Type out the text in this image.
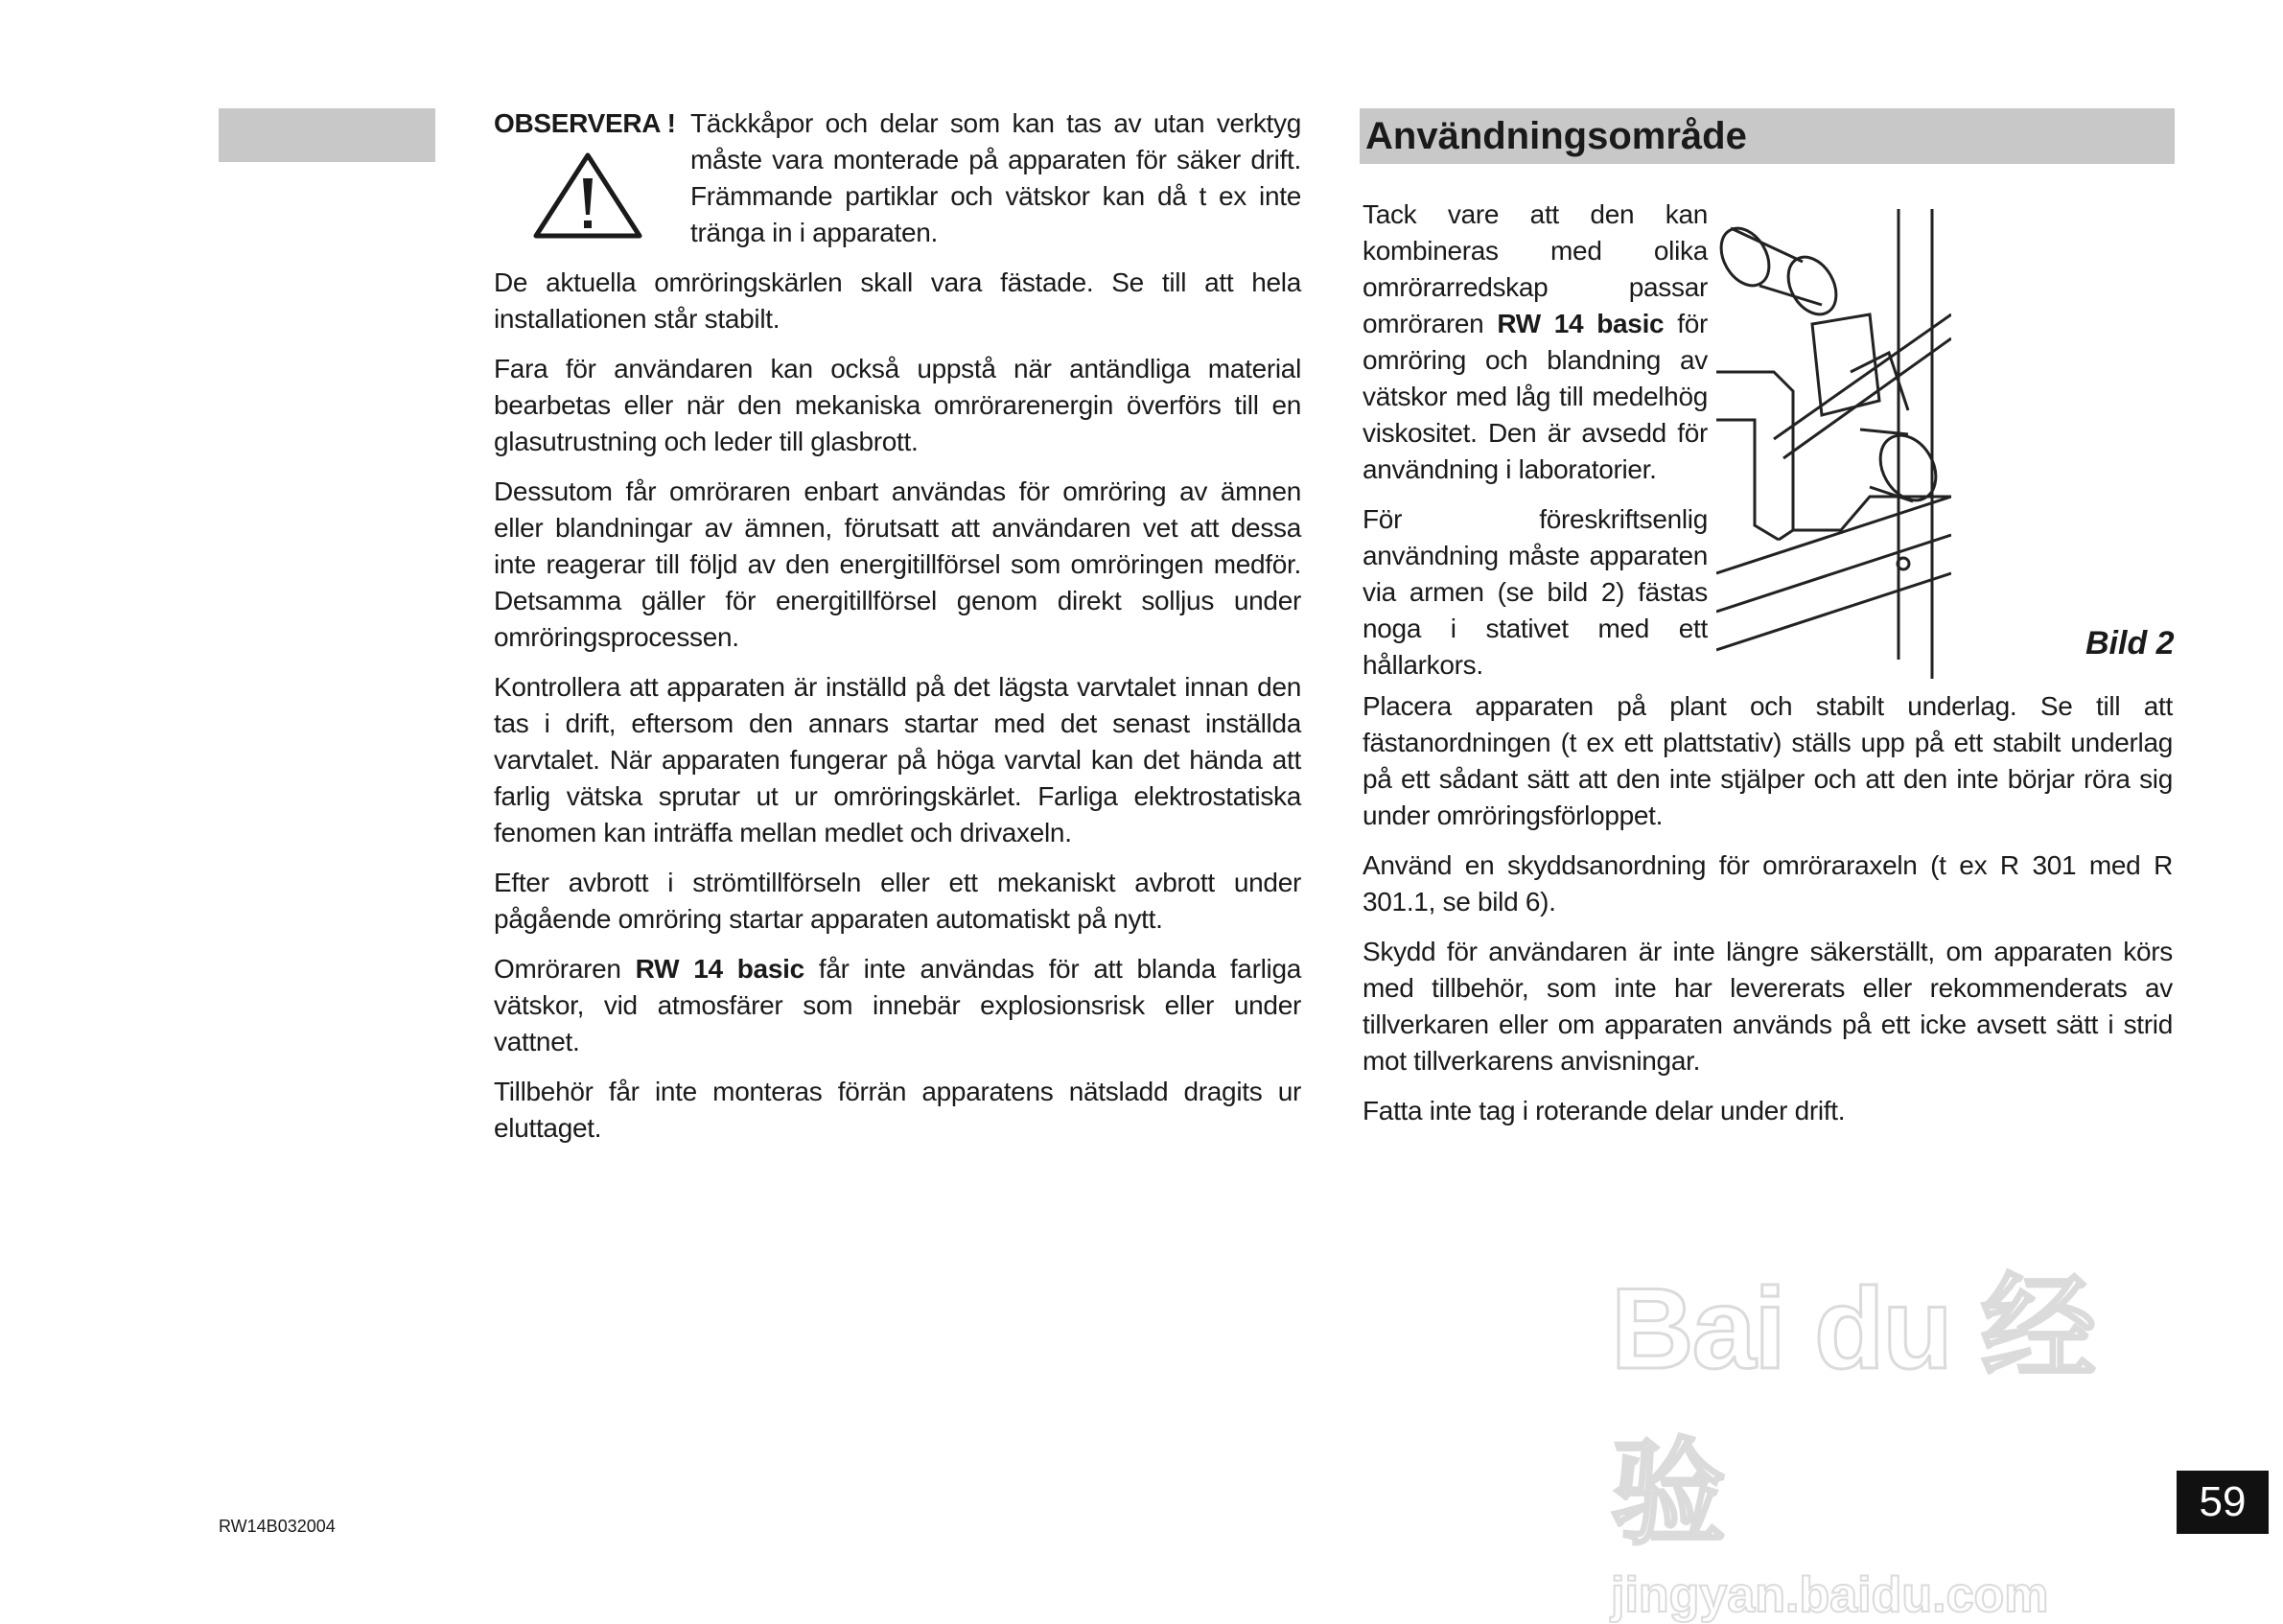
OBSERVERA ! Täckkåpor och delar som kan tas av utan verktyg måste vara monterade på apparaten för säker drift. Främmande partiklar och vätskor kan då t ex inte tränga in i apparaten.

De aktuella omröringskärlen skall vara fästade. Se till att hela installationen står stabilt.

Fara för användaren kan också uppstå när antändliga material bearbetas eller när den mekaniska omrörarenergin överförs till en glasutrustning och leder till glasbrott.

Dessutom får omröraren enbart användas för omröring av ämnen eller blandningar av ämnen, förutsatt att användaren vet att dessa inte reagerar till följd av den energitillförsel som omröringen medför. Detsamma gäller för energitillförsel genom direkt solljus under omröringsprocessen.

Kontrollera att apparaten är inställd på det lägsta varvtalet innan den tas i drift, eftersom den annars startar med det senast inställda varvtalet. När apparaten fungerar på höga varvtal kan det hända att farlig vätska sprutar ut ur omröringskärlet. Farliga elektrostatiska fenomen kan inträffa mellan medlet och drivaxeln.

Efter avbrott i strömtillförseln eller ett mekaniskt avbrott under pågående omröring startar apparaten automatiskt på nytt.

Omröraren RW 14 basic får inte användas för att blanda farliga vätskor, vid atmosfärer som innebär explosionsrisk eller under vattnet.

Tillbehör får inte monteras förrän apparatens nätsladd dragits ur eluttaget.

Användningsområde

Tack vare att den kan kombineras med olika omrörarredskap passar omröraren RW 14 basic för omröring och blandning av vätskor med låg till medelhög viskositet. Den är avsedd för användning i laboratorier.

För föreskriftsenlig användning måste apparaten via armen (se bild 2) fästas noga i stativet med ett hållarkors.

Bild 2

Placera apparaten på plant och stabilt underlag. Se till att fästanordningen (t ex ett plattstativ) ställs upp på ett stabilt underlag på ett sådant sätt att den inte stjälper och att den inte börjar röra sig under omröringsförloppet.

Använd en skyddsanordning för omröraraxeln (t ex R 301 med R 301.1, se bild 6).

Skydd för användaren är inte längre säkerställt, om apparaten körs med tillbehör, som inte har levererats eller rekommenderats av tillverkaren eller om apparaten används på ett icke avsett sätt i strid mot tillverkarens anvisningar.

Fatta inte tag i roterande delar under drift.

Bai du 经验
jingyan.baidu.com
RW14B032004
59
